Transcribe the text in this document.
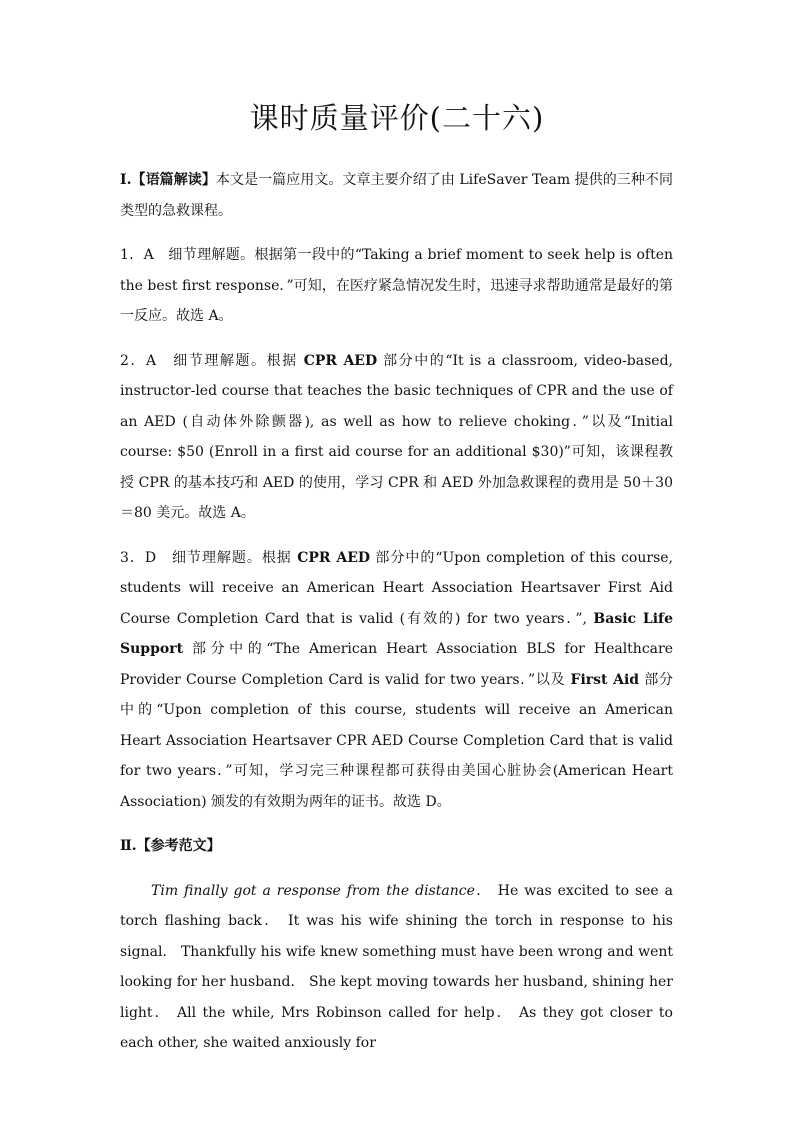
课时质量评价(二十六)

Ⅰ.【语篇解读】本文是一篇应用文。文章主要介绍了由 LifeSaver Team 提供的三种不同类型的急救课程。

1．A　细节理解题。根据第一段中的“Taking a brief moment to seek help is often the best first response．”可知，在医疗紧急情况发生时，迅速寻求帮助通常是最好的第一反应。故选 A。

2．A　细节理解题。根据 CPR AED 部分中的“It is a classroom, video-based, instructor-led course that teaches the basic techniques of CPR and the use of an AED (自动体外除颤器), as well as how to relieve choking．”以及“Initial course: $50 (Enroll in a first aid course for an additional $30)”可知，该课程教授 CPR 的基本技巧和 AED 的使用，学习 CPR 和 AED 外加急救课程的费用是 50＋30＝80 美元。故选 A。

3．D　细节理解题。根据 CPR AED 部分中的“Upon completion of this course, students will receive an American Heart Association Heartsaver First Aid Course Completion Card that is valid (有效的) for two years．”, Basic Life Support 部分中的“The American Heart Association BLS for Healthcare Provider Course Completion Card is valid for two years．”以及 First Aid 部分中的“Upon completion of this course, students will receive an American Heart Association Heartsaver CPR AED Course Completion Card that is valid for two years．”可知，学习完三种课程都可获得由美国心脏协会(American Heart Association) 颁发的有效期为两年的证书。故选 D。

Ⅱ.【参考范文】

Tim finally got a response from the distance． He was excited to see a torch flashing back． It was his wife shining the torch in response to his signal． Thankfully his wife knew something must have been wrong and went looking for her husband． She kept moving towards her husband, shining her light． All the while, Mrs Robinson called for help． As they got closer to each other, she waited anxiously for
